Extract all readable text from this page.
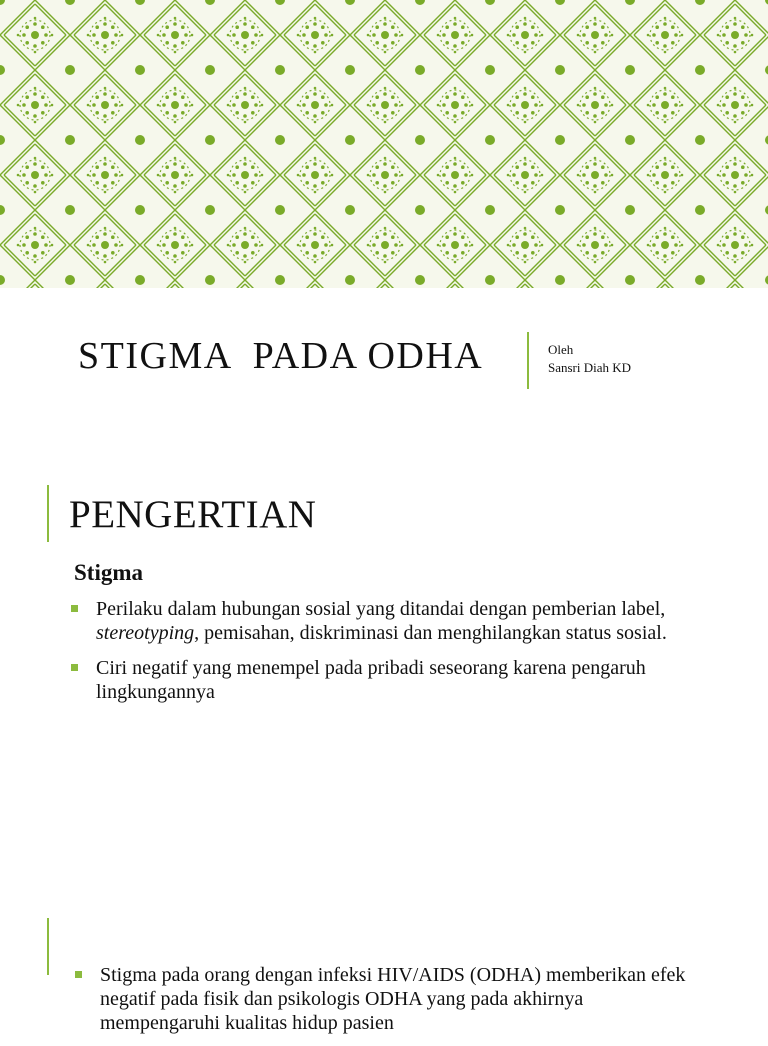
STIGMA  PADA ODHA	Oleh
Sansri Diah KD
PENGERTIAN
Stigma
Perilaku dalam hubungan sosial yang ditandai dengan pemberian label, stereotyping, pemisahan, diskriminasi dan menghilangkan status sosial.
Ciri negatif yang menempel pada pribadi seseorang karena pengaruh lingkungannya
Stigma pada orang dengan infeksi HIV/AIDS (ODHA) memberikan efek negatif pada fisik dan psikologis ODHA yang pada akhirnya mempengaruhi kualitas hidup pasien
